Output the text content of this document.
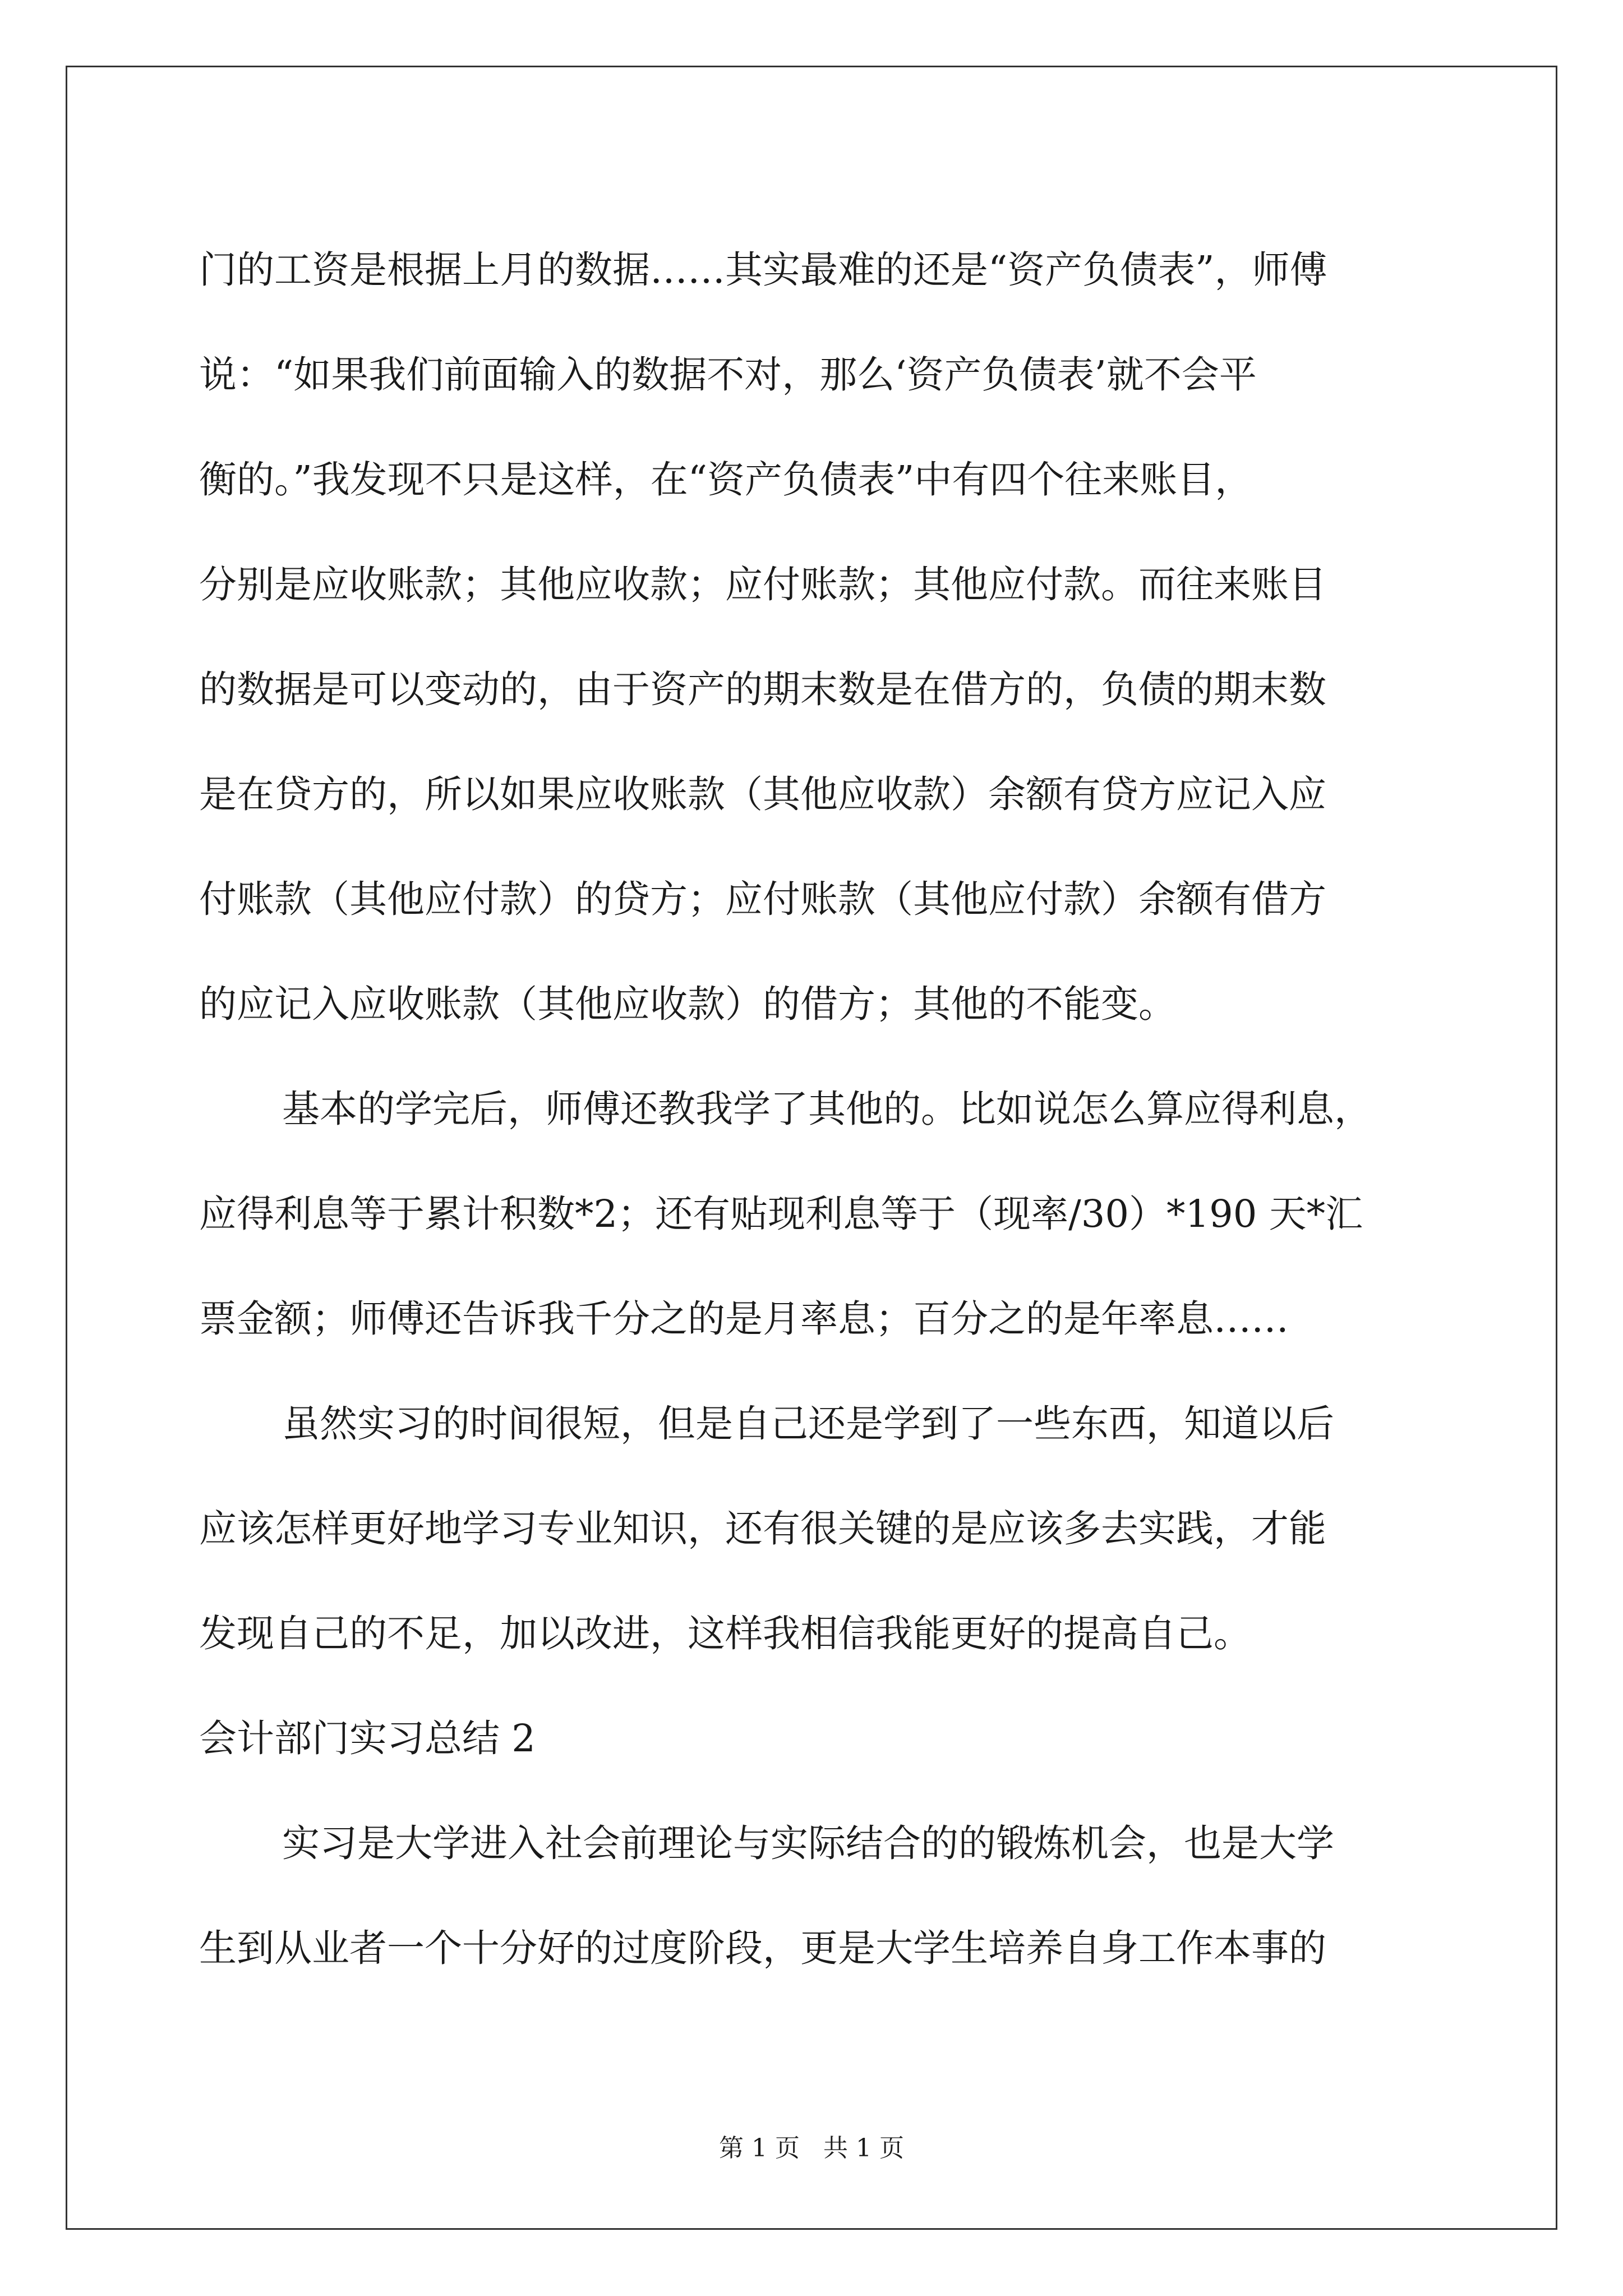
门的工资是根据上月的数据……其实最难的还是“资产负债表”，师傅
说：“如果我们前面输入的数据不对，那么‘资产负债表’就不会平
衡的。”我发现不只是这样，在“资产负债表”中有四个往来账目，
分别是应收账款；其他应收款；应付账款；其他应付款。而往来账目
的数据是可以变动的，由于资产的期末数是在借方的，负债的期末数
是在贷方的，所以如果应收账款（其他应收款）余额有贷方应记入应
付账款（其他应付款）的贷方；应付账款（其他应付款）余额有借方
的应记入应收账款（其他应收款）的借方；其他的不能变。
基本的学完后，师傅还教我学了其他的。比如说怎么算应得利息，
应得利息等于累计积数*2；还有贴现利息等于（现率/30）*190 天*汇
票金额；师傅还告诉我千分之的是月率息；百分之的是年率息……
虽然实习的时间很短，但是自己还是学到了一些东西，知道以后
应该怎样更好地学习专业知识，还有很关键的是应该多去实践，才能
发现自己的不足，加以改进，这样我相信我能更好的提高自己。
会计部门实习总结 2
实习是大学进入社会前理论与实际结合的的锻炼机会，也是大学
生到从业者一个十分好的过度阶段，更是大学生培养自身工作本事的
第 1 页   共 1 页
